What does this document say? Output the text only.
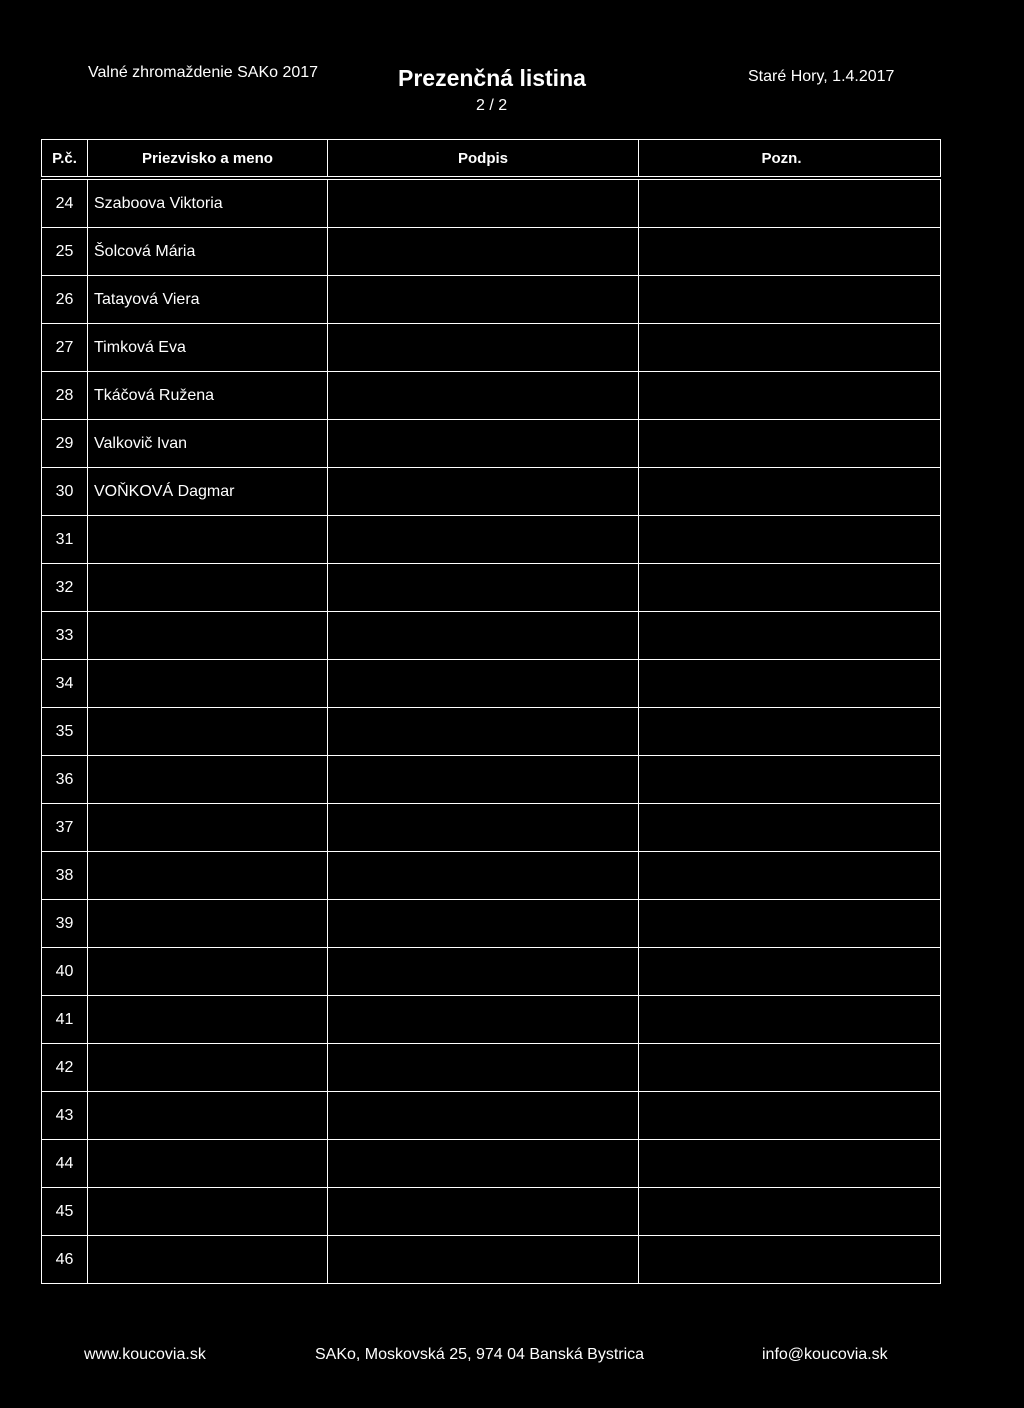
Valné zhromaždenie SAKo 2017	Prezenčná listina
2 / 2
Staré Hory, 1.4.2017
P.č.	Priezvisko a meno	Podpis	Pozn.
24	Szaboova Viktoria		
25	Šolcová Mária		
26	Tatayová Viera		
27	Timková Eva		
28	Tkáčová Ružena		
29	Valkovič Ivan		
30	VOŇKOVÁ Dagmar		
31			
32			
33			
34			
35			
36			
37			
38			
39			
40			
41			
42			
43			
44			
45			
46			
www.koucovia.sk	SAKo, Moskovská 25, 974 04 Banská Bystrica	info@koucovia.sk
